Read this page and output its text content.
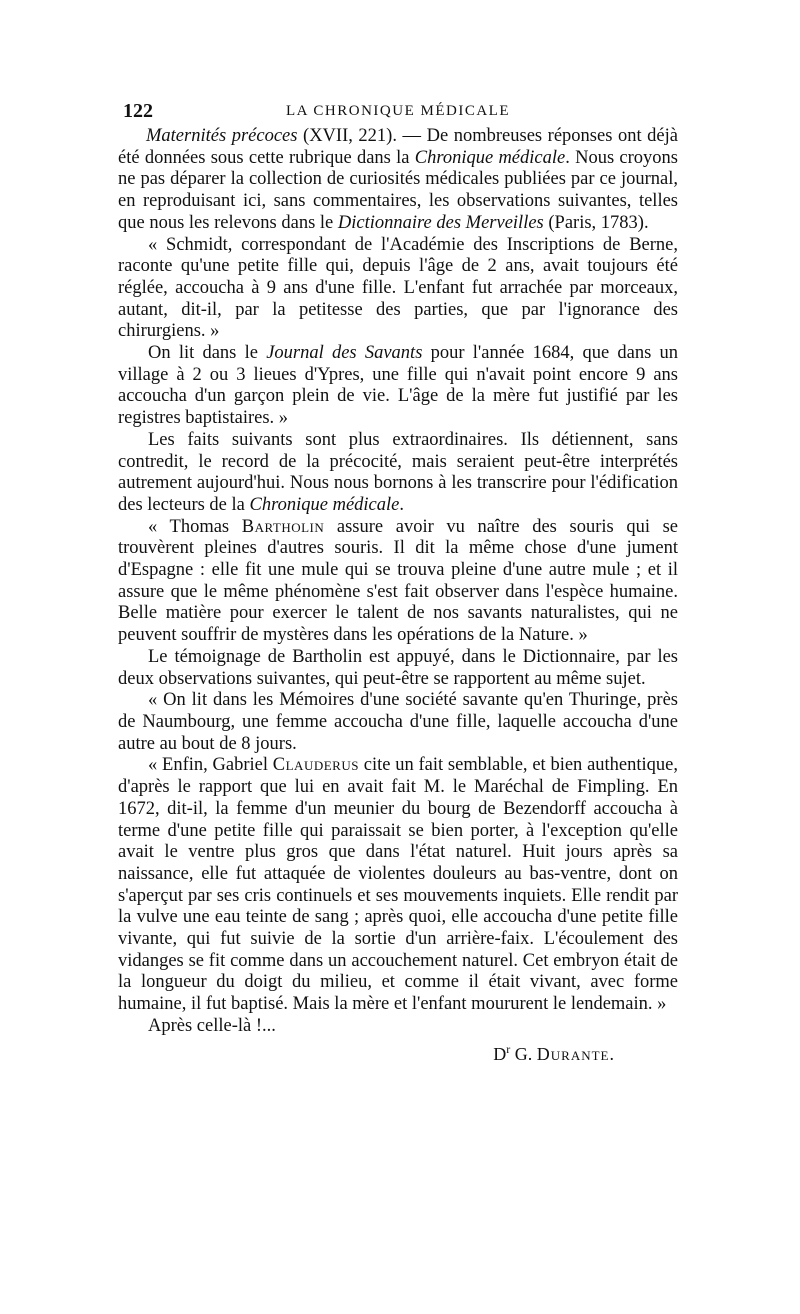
122	LA CHRONIQUE MÉDICALE

Maternités précoces (XVII, 221). — De nombreuses réponses ont déjà été données sous cette rubrique dans la Chronique médicale. Nous croyons ne pas déparer la collection de curiosités médicales publiées par ce journal, en reproduisant ici, sans commentaires, les observations suivantes, telles que nous les relevons dans le Dictionnaire des Merveilles (Paris, 1783).

« Schmidt, correspondant de l'Académie des Inscriptions de Berne, raconte qu'une petite fille qui, depuis l'âge de 2 ans, avait toujours été réglée, accoucha à 9 ans d'une fille. L'enfant fut arrachée par morceaux, autant, dit-il, par la petitesse des parties, que par l'ignorance des chirurgiens. »

On lit dans le Journal des Savants pour l'année 1684, que dans un village à 2 ou 3 lieues d'Ypres, une fille qui n'avait point encore 9 ans accoucha d'un garçon plein de vie. L'âge de la mère fut justifié par les registres baptistaires. »

Les faits suivants sont plus extraordinaires. Ils détiennent, sans contredit, le record de la précocité, mais seraient peut-être interprétés autrement aujourd'hui. Nous nous bornons à les transcrire pour l'édification des lecteurs de la Chronique médicale.

« Thomas Bartholin assure avoir vu naître des souris qui se trouvèrent pleines d'autres souris. Il dit la même chose d'une jument d'Espagne : elle fit une mule qui se trouva pleine d'une autre mule ; et il assure que le même phénomène s'est fait observer dans l'espèce humaine. Belle matière pour exercer le talent de nos savants naturalistes, qui ne peuvent souffrir de mystères dans les opérations de la Nature. »

Le témoignage de Bartholin est appuyé, dans le Dictionnaire, par les deux observations suivantes, qui peut-être se rapportent au même sujet.

« On lit dans les Mémoires d'une société savante qu'en Thuringe, près de Naumbourg, une femme accoucha d'une fille, laquelle accoucha d'une autre au bout de 8 jours.

« Enfin, Gabriel Clauderus cite un fait semblable, et bien authentique, d'après le rapport que lui en avait fait M. le Maréchal de Fimpling. En 1672, dit-il, la femme d'un meunier du bourg de Bezendorff accoucha à terme d'une petite fille qui paraissait se bien porter, à l'exception qu'elle avait le ventre plus gros que dans l'état naturel. Huit jours après sa naissance, elle fut attaquée de violentes douleurs au bas-ventre, dont on s'aperçut par ses cris continuels et ses mouvements inquiets. Elle rendit par la vulve une eau teinte de sang ; après quoi, elle accoucha d'une petite fille vivante, qui fut suivie de la sortie d'un arrière-faix. L'écoulement des vidanges se fit comme dans un accouchement naturel. Cet embryon était de la longueur du doigt du milieu, et comme il était vivant, avec forme humaine, il fut baptisé. Mais la mère et l'enfant moururent le lendemain. »

Après celle-là !...

$D^r$ G. Durante.
